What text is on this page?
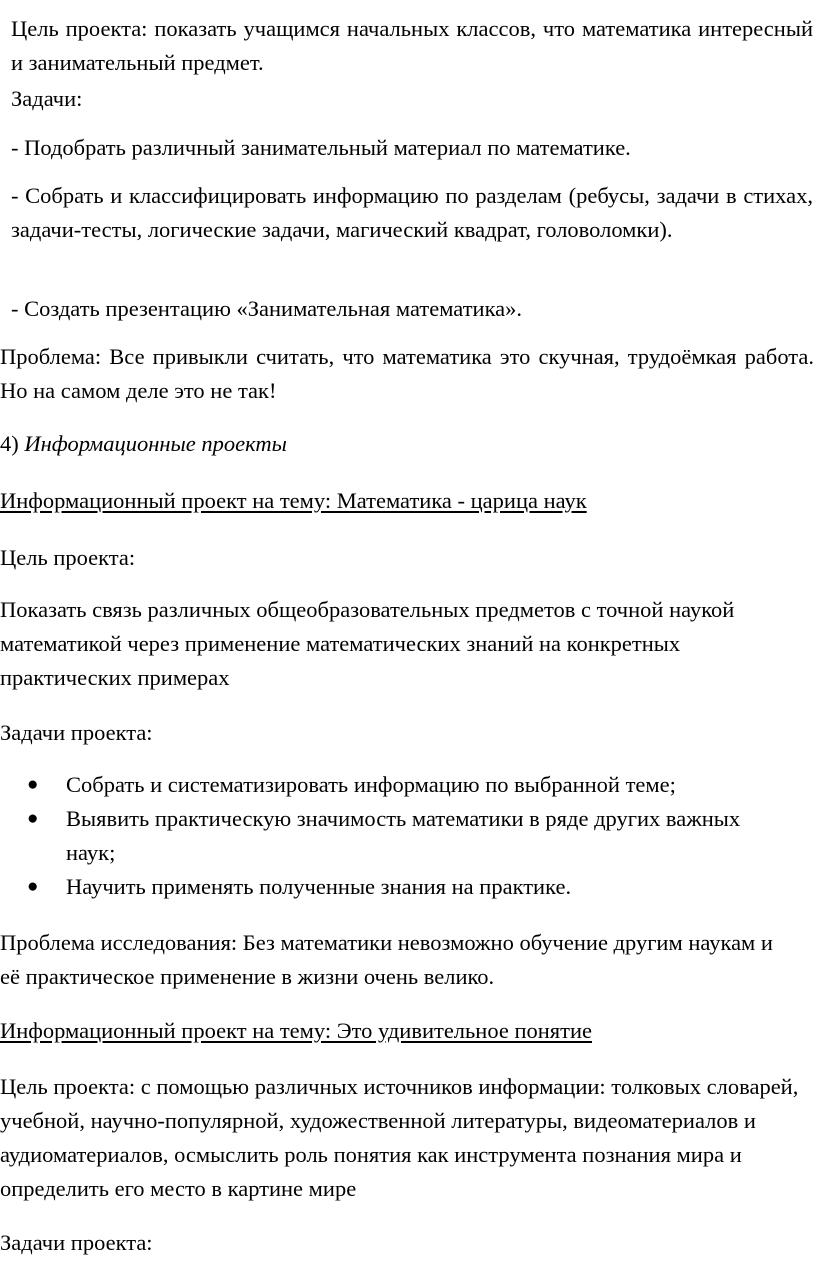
Цель проекта: показать учащимся начальных классов, что математика интересный и занимательный предмет.

Задачи:

- Подобрать различный занимательный материал по математике.

- Собрать и классифицировать информацию по разделам (ребусы, задачи в стихах, задачи-тесты, логические задачи, магический квадрат, головоломки).

- Создать презентацию «Занимательная математика».

Проблема: Все привыкли считать, что математика это скучная, трудоёмкая работа. Но на самом деле это не так!

4) Информационные проекты

Информационный проект на тему: Математика - царица наук

Цель проекта:

Показать связь различных общеобразовательных предметов с точной наукой математикой через применение математических знаний на конкретных практических примерах

Задачи проекта:

● Собрать и систематизировать информацию по выбранной теме;
● Выявить практическую значимость математики в ряде других важных наук;
● Научить применять полученные знания на практике.

Проблема исследования: Без математики невозможно обучение другим наукам и её практическое применение в жизни очень велико.

Информационный проект на тему: Это удивительное понятие

Цель проекта: с помощью различных источников информации: толковых словарей, учебной, научно-популярной, художественной литературы, видеоматериалов и аудиоматериалов, осмыслить роль понятия как инструмента познания мира и определить его место в картине мире

Задачи проекта:
